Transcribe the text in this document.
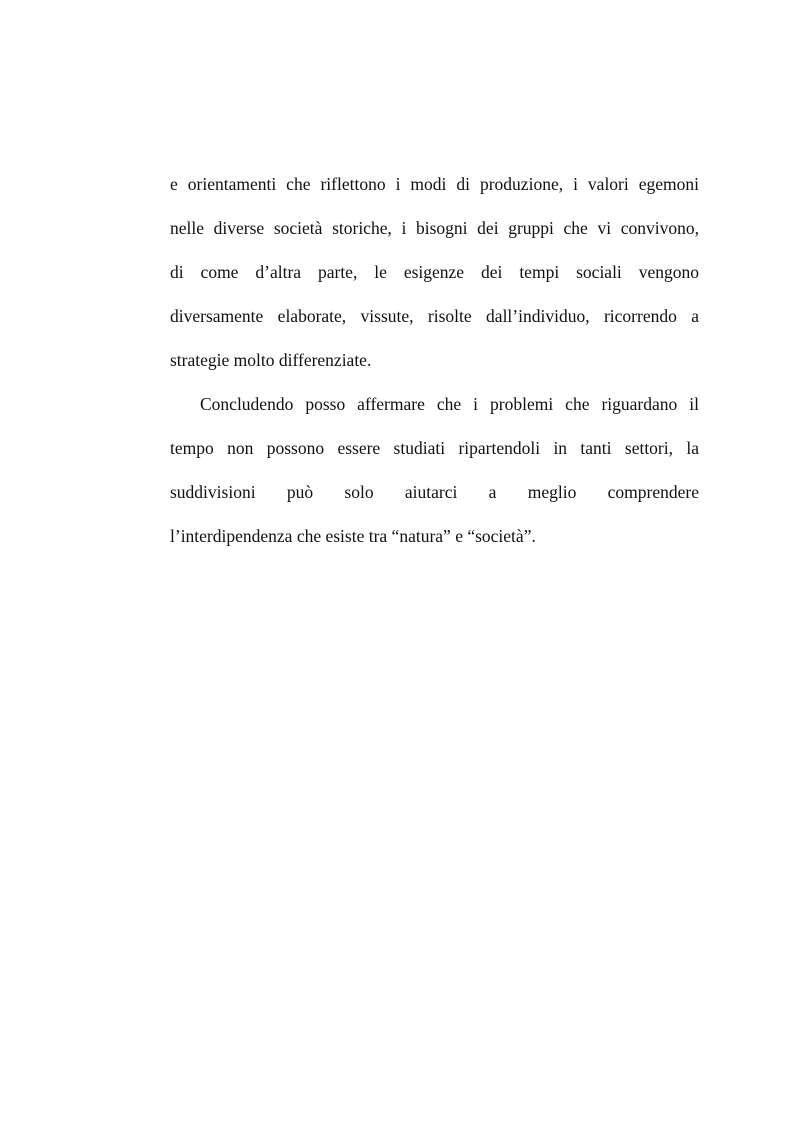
e orientamenti che riflettono i modi di produzione, i valori egemoni
nelle diverse società storiche, i bisogni dei gruppi che vi convivono,
di come d’altra parte, le esigenze dei tempi sociali vengono
diversamente elaborate, vissute, risolte dall’individuo, ricorrendo a
strategie molto differenziate.
Concludendo posso affermare che i problemi che riguardano il
tempo non possono essere studiati ripartendoli in tanti settori, la
suddivisioni può solo aiutarci a meglio comprendere
l’interdipendenza che esiste tra “natura” e “società”.
